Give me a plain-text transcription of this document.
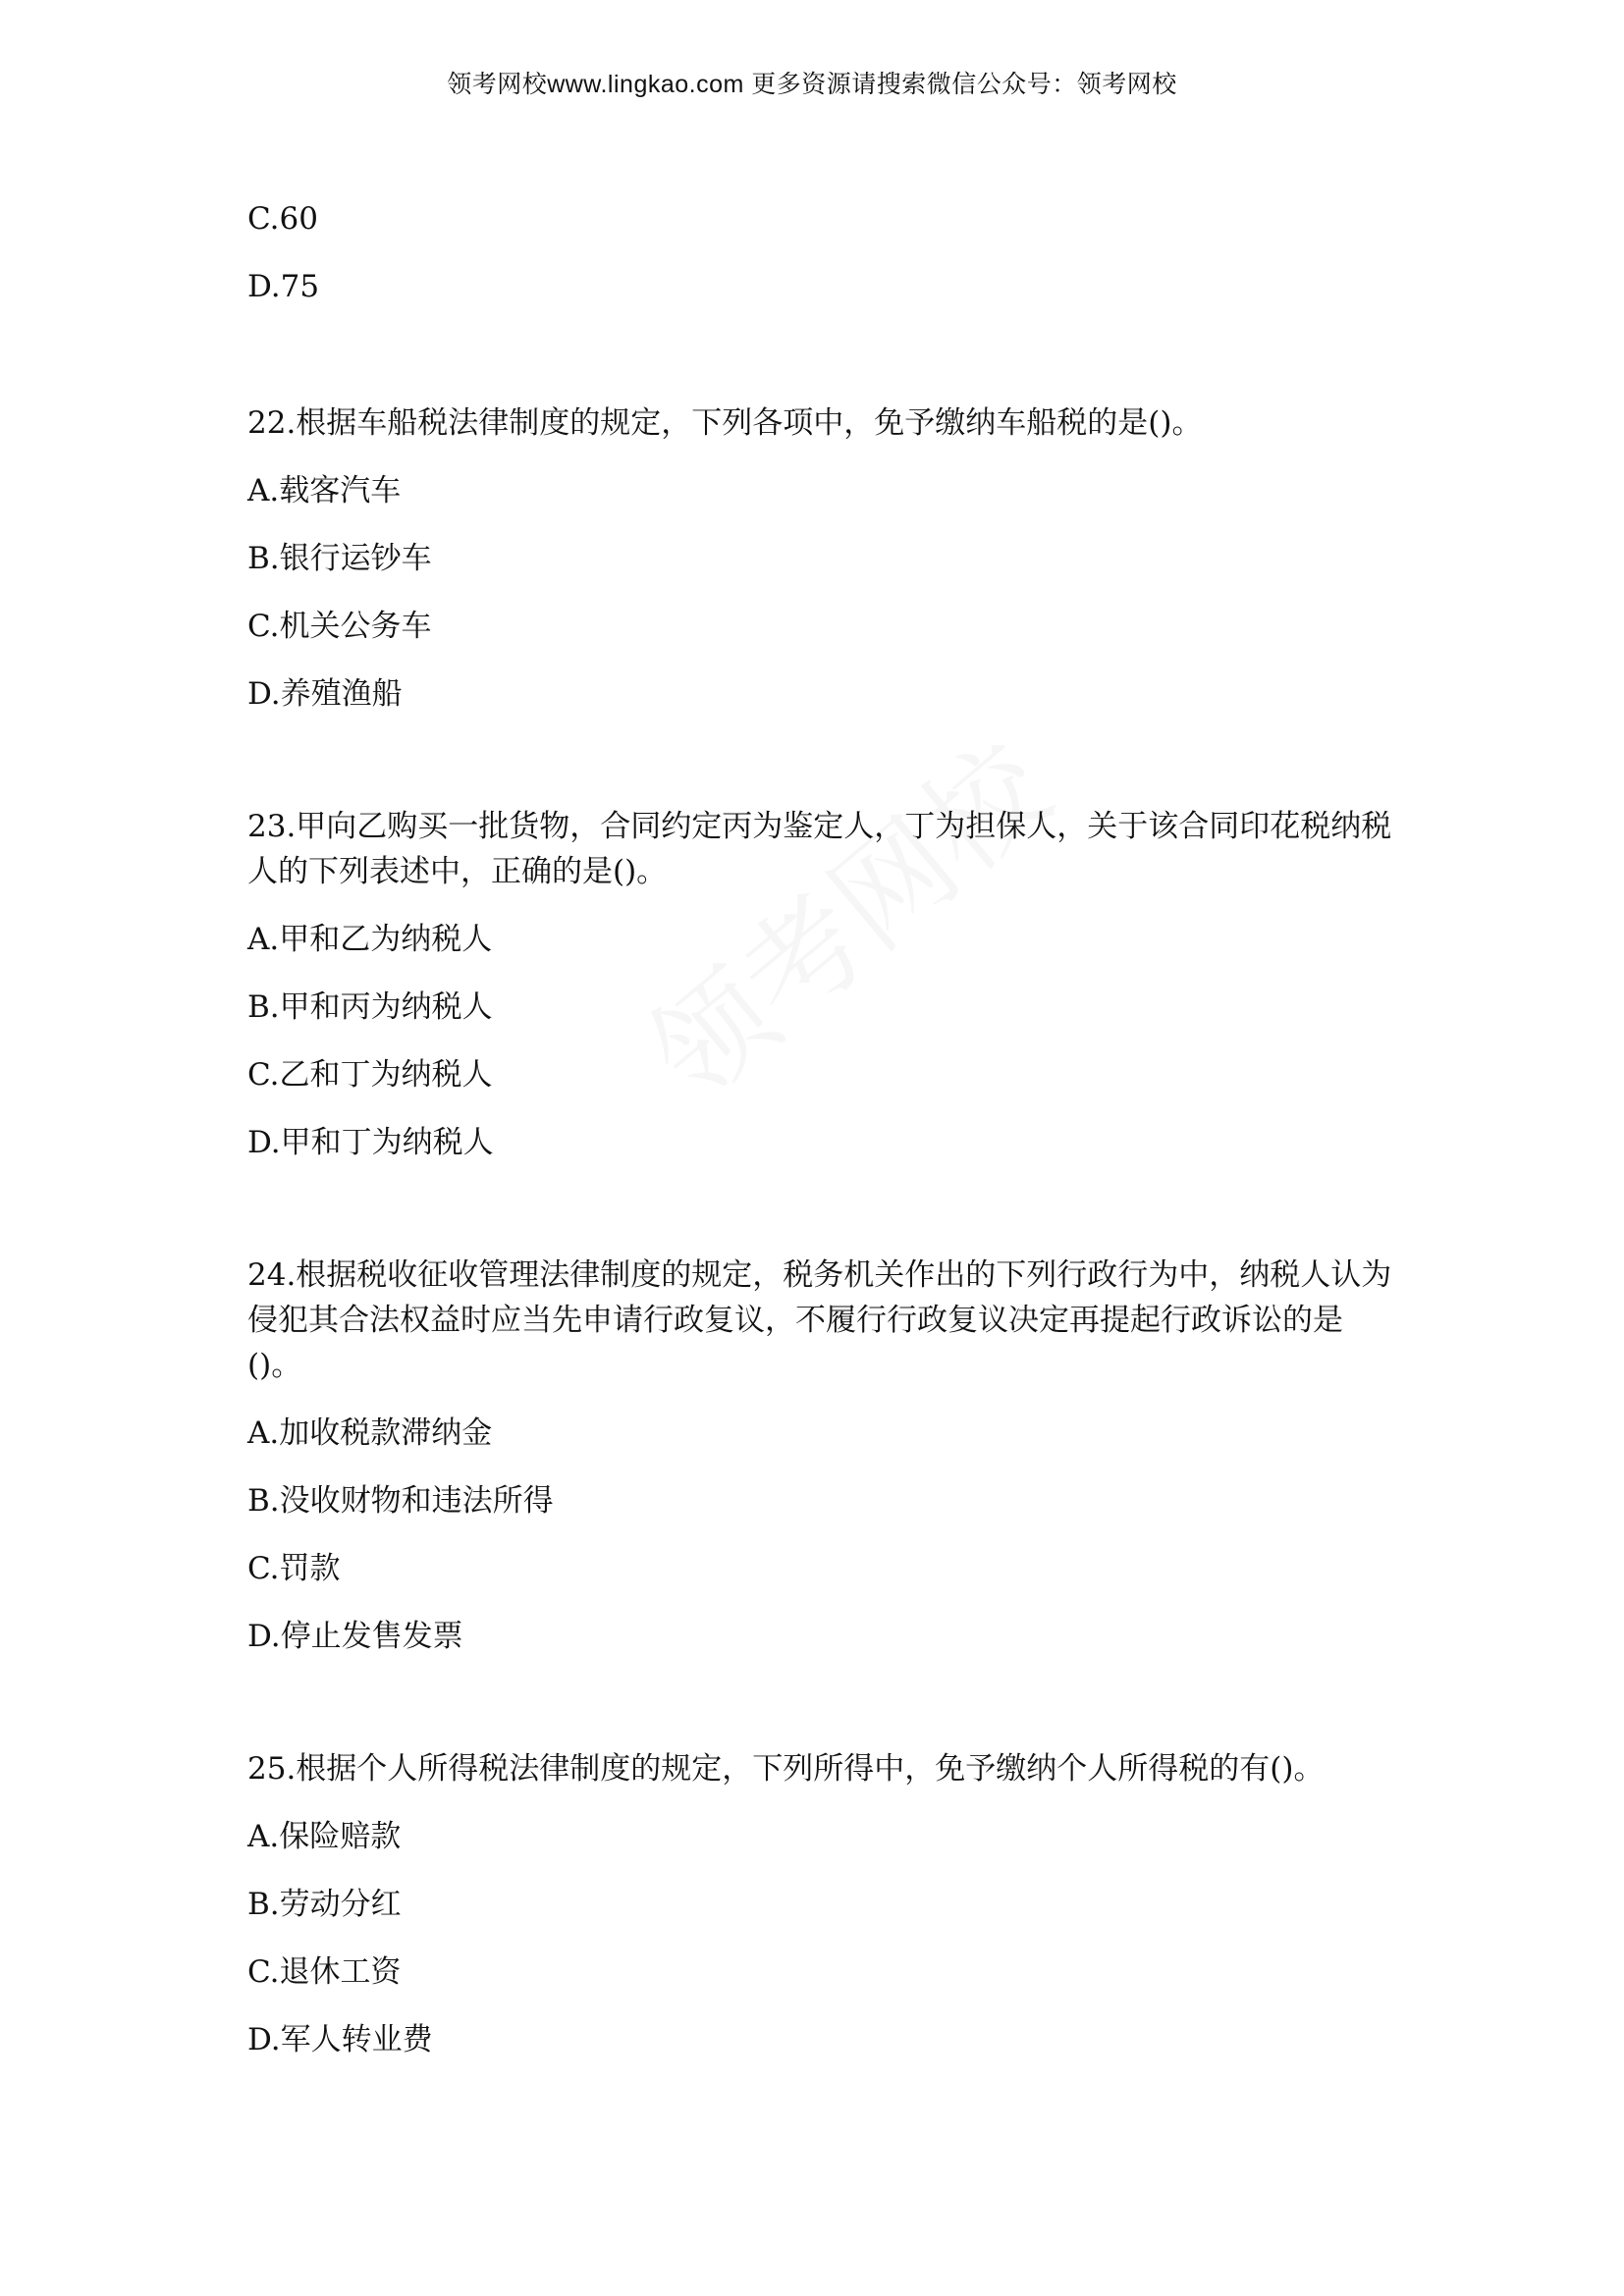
领考网校www.lingkao.com 更多资源请搜索微信公众号：领考网校
C.60
D.75
22.根据车船税法律制度的规定，下列各项中，免予缴纳车船税的是()。
A.载客汽车
B.银行运钞车
C.机关公务车
D.养殖渔船
23.甲向乙购买一批货物，合同约定丙为鉴定人，丁为担保人，关于该合同印花税纳税人的下列表述中，正确的是()。
A.甲和乙为纳税人
B.甲和丙为纳税人
C.乙和丁为纳税人
D.甲和丁为纳税人
24.根据税收征收管理法律制度的规定，税务机关作出的下列行政行为中，纳税人认为侵犯其合法权益时应当先申请行政复议，不履行行政复议决定再提起行政诉讼的是()。
A.加收税款滞纳金
B.没收财物和违法所得
C.罚款
D.停止发售发票
25.根据个人所得税法律制度的规定，下列所得中，免予缴纳个人所得税的有()。
A.保险赔款
B.劳动分红
C.退休工资
D.军人转业费
